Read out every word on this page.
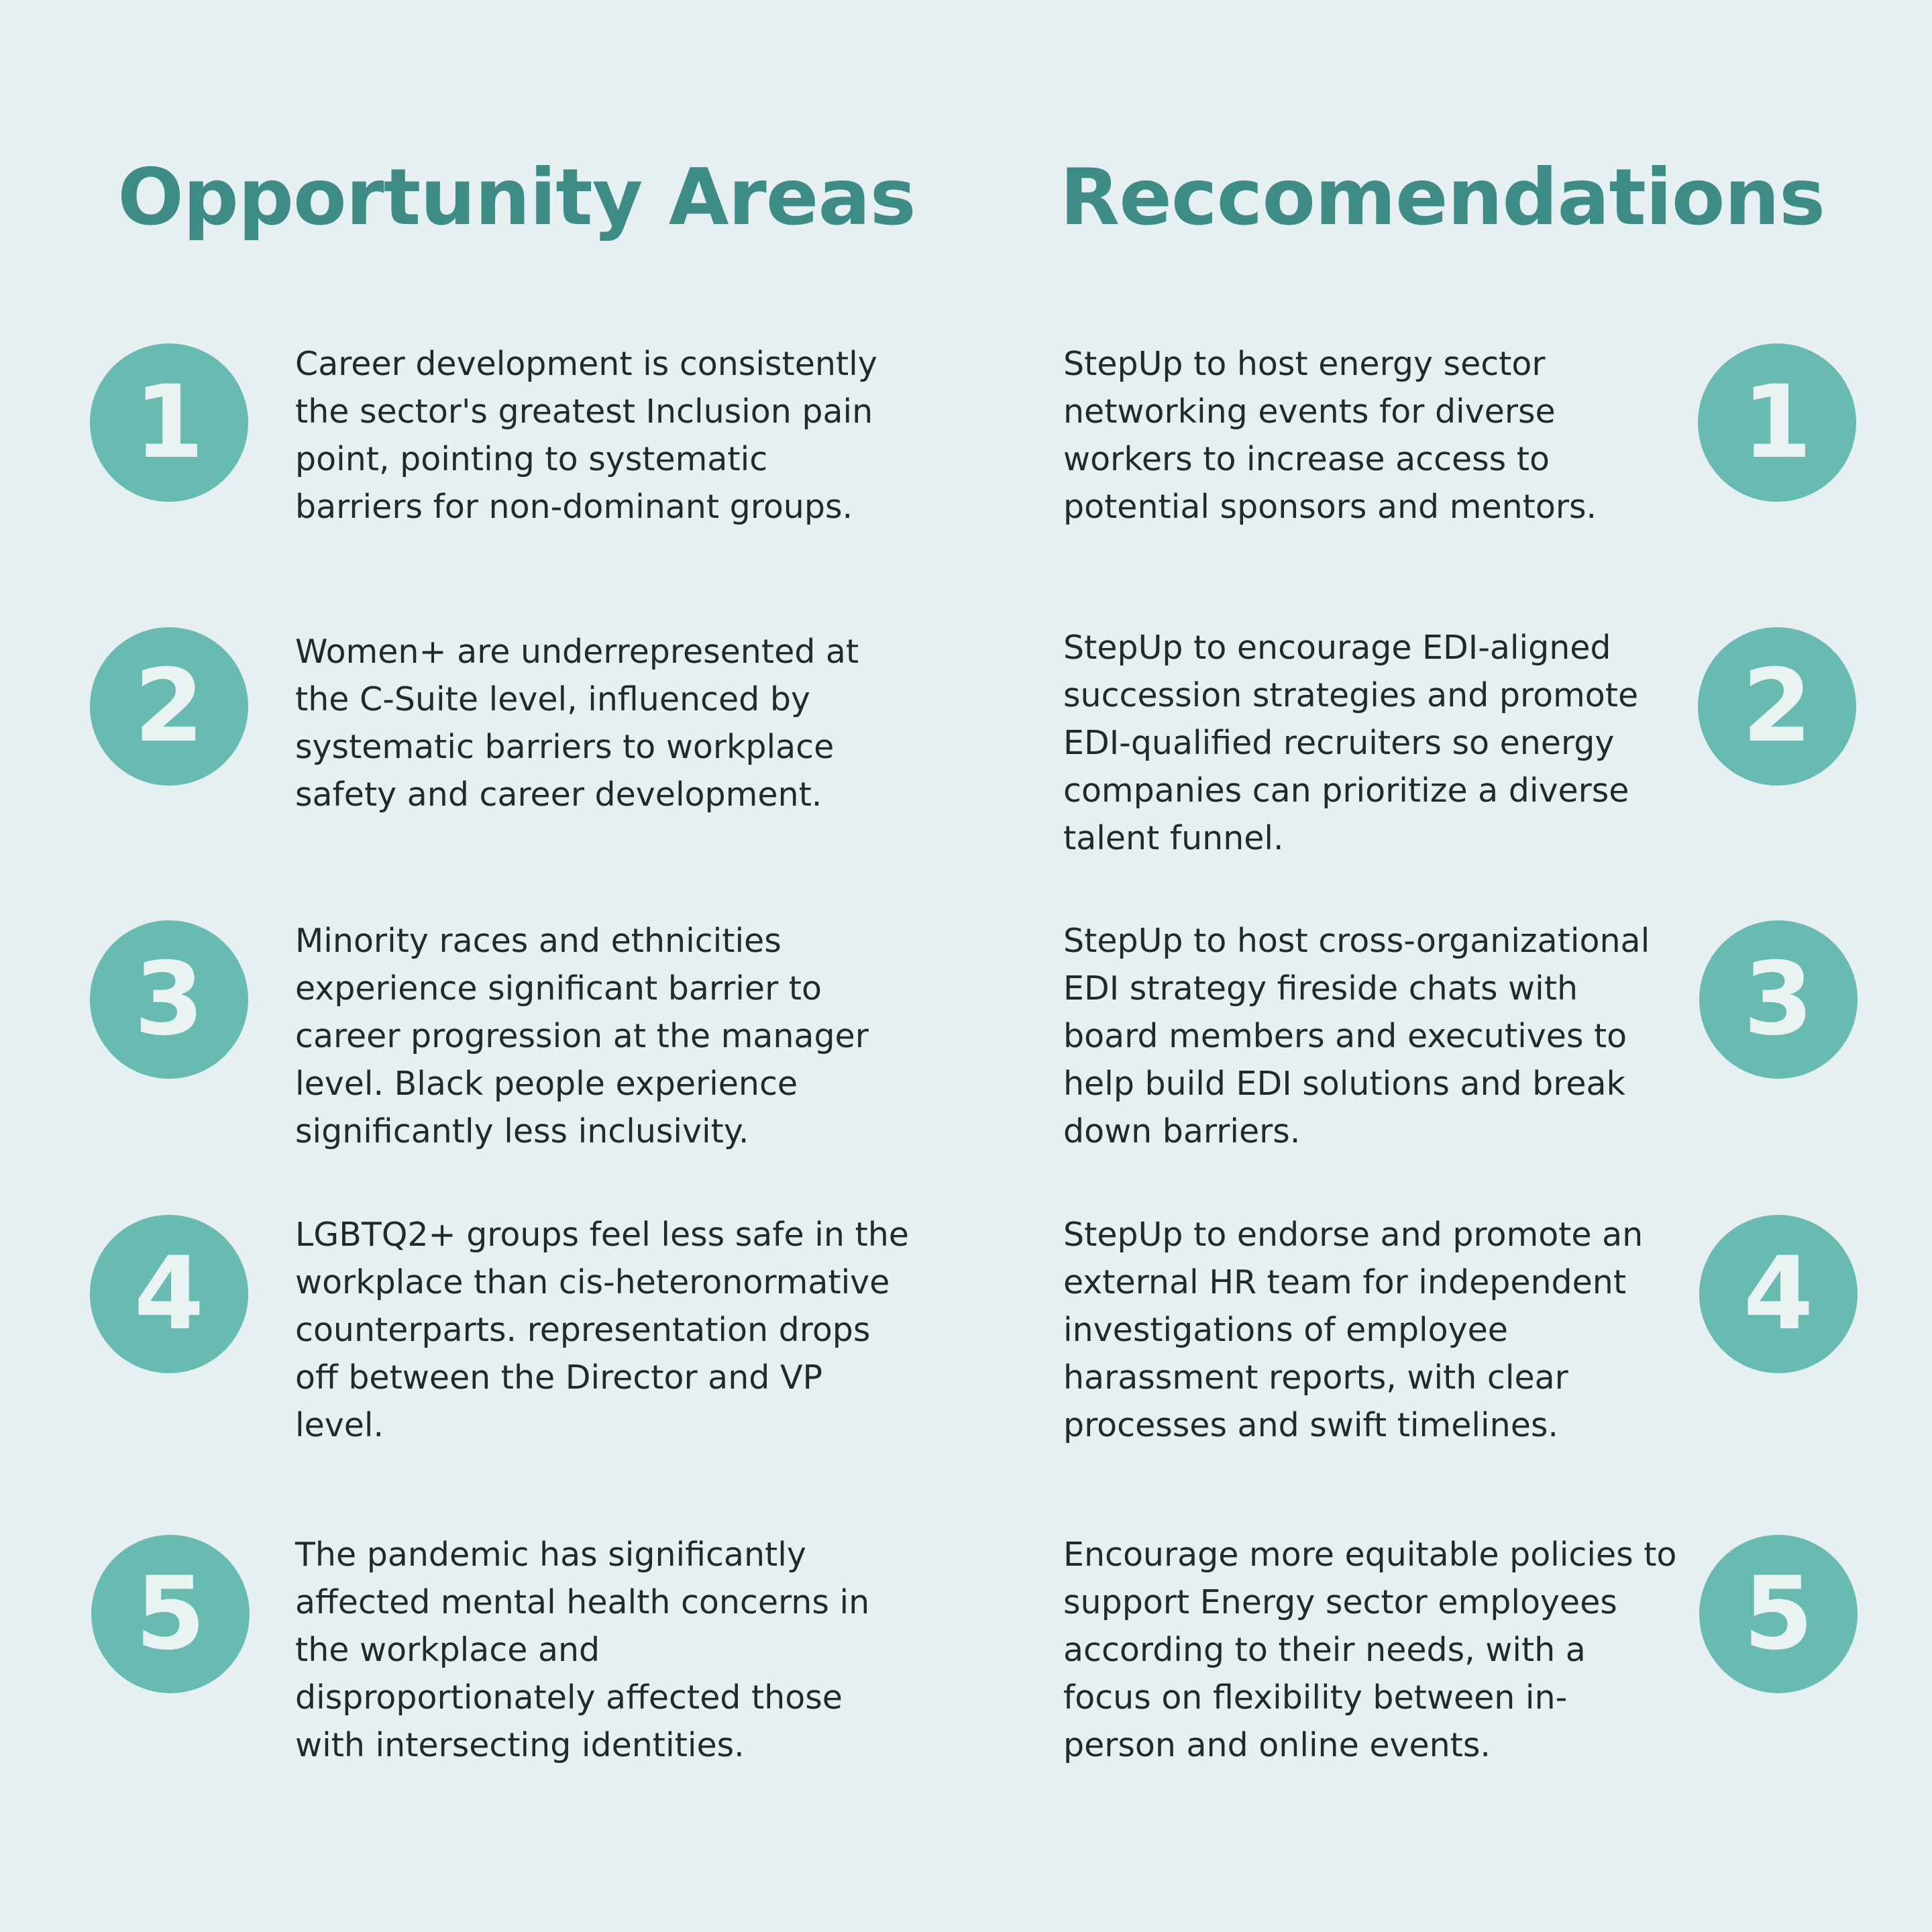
Opportunity Areas	Reccomendations
1
Career development is consistently
the sector's greatest Inclusion pain
point, pointing to systematic
barriers for non-dominant groups.
2	Women+ are underrepresented at
the C-Suite level, influenced by
systematic barriers to workplace
safety and career development.
3
Minority races and ethnicities
experience significant barrier to
career progression at the manager
level. Black people experience
significantly less inclusivity.
4
LGBTQ2+ groups feel less safe in the
workplace than cis-heteronormative
counterparts. representation drops
off between the Director and VP
level.
5
The pandemic has significantly
affected mental health concerns in
the workplace and
disproportionately affected those
with intersecting identities.
StepUp to host energy sector
networking events for diverse
workers to increase access to
potential sponsors and mentors.
1
StepUp to encourage EDI-aligned
succession strategies and promote
EDI-qualified recruiters so energy
companies can prioritize a diverse
talent funnel.
2
StepUp to host cross-organizational
EDI strategy fireside chats with
board members and executives to
help build EDI solutions and break
down barriers.
3
StepUp to endorse and promote an
external HR team for independent
investigations of employee
harassment reports, with clear
processes and swift timelines.
4
Encourage more equitable policies to
support Energy sector employees
according to their needs, with a
focus on flexibility between in-
person and online events.
5
